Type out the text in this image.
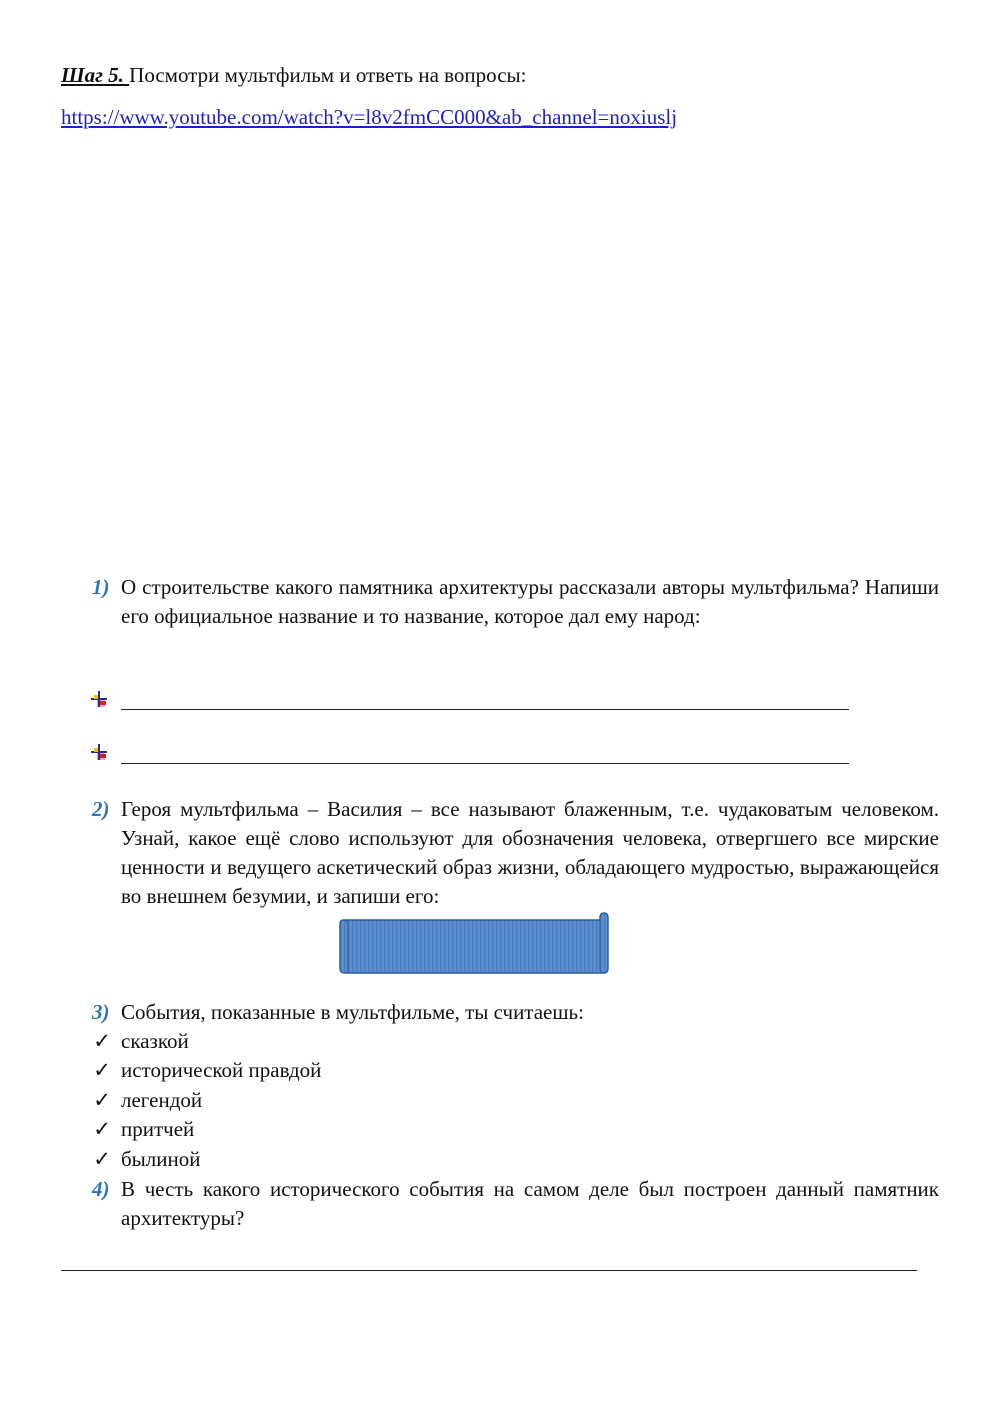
Шаг 5. Посмотри мультфильм и ответь на вопросы:
https://www.youtube.com/watch?v=l8v2fmCC000&ab_channel=noxiuslj
1) О строительстве какого памятника архитектуры рассказали авторы мультфильма? Напиши его официальное название и то название, которое дал ему народ:
2) Героя мультфильма – Василия – все называют блаженным, т.е. чудаковатым человеком. Узнай, какое ещё слово используют для обозначения человека, отвергшего все мирские ценности и ведущего аскетический образ жизни, обладающего мудростью, выражающейся во внешнем безумии, и запиши его:
3) События, показанные в мультфильме, ты считаешь:
✓ сказкой
✓ исторической правдой
✓ легендой
✓ притчей
✓ былиной
4) В честь какого исторического события на самом деле был построен данный памятник архитектуры?
